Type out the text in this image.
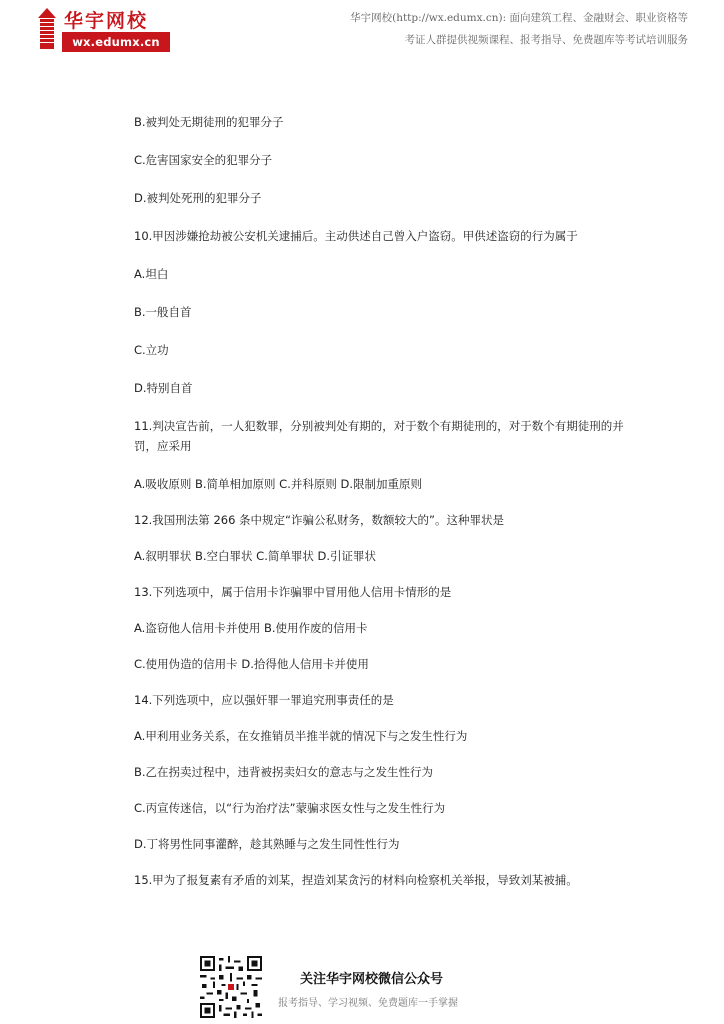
华宇网校
wx.edumx.cn
华宇网校(http://wx.edumx.cn): 面向建筑工程、金融财会、职业资格等
考证人群提供视频课程、报考指导、免费题库等考试培训服务

B.被判处无期徒刑的犯罪分子

C.危害国家安全的犯罪分子

D.被判处死刑的犯罪分子

10.甲因涉嫌抢劫被公安机关逮捕后。主动供述自己曾入户盗窃。甲供述盗窃的行为属于

A.坦白

B.一般自首

C.立功

D.特别自首

11.判决宣告前，一人犯数罪，分别被判处有期的，对于数个有期徒刑的，对于数个有期徒刑的并罚，应采用

A.吸收原则 B.简单相加原则 C.并科原则 D.限制加重原则

12.我国刑法第 266 条中规定“诈骗公私财务，数额较大的”。这种罪状是

A.叙明罪状 B.空白罪状 C.简单罪状 D.引证罪状

13.下列选项中，属于信用卡诈骗罪中冒用他人信用卡情形的是

A.盗窃他人信用卡并使用 B.使用作废的信用卡

C.使用伪造的信用卡 D.拾得他人信用卡并使用

14.下列选项中，应以强奸罪一罪追究刑事责任的是

A.甲利用业务关系，在女推销员半推半就的情况下与之发生性行为

B.乙在拐卖过程中，违背被拐卖妇女的意志与之发生性行为

C.丙宣传迷信，以“行为治疗法”蒙骗求医女性与之发生性行为

D.丁将男性同事灌醉，趁其熟睡与之发生同性性行为

15.甲为了报复素有矛盾的刘某，捏造刘某贪污的材料向检察机关举报，导致刘某被捕。

关注华宇网校微信公众号
报考指导、学习视频、免费题库一手掌握
